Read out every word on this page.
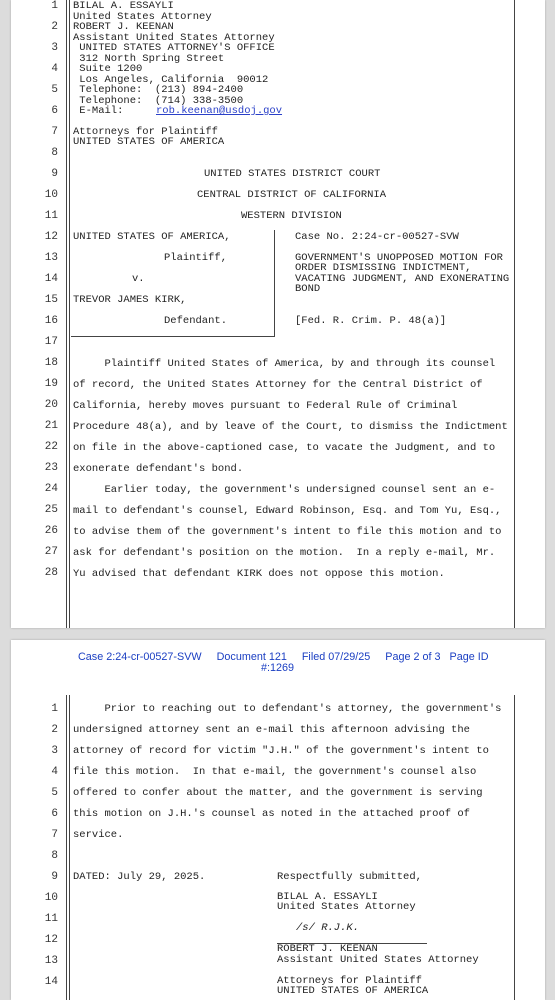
1
2
3
4
5
6
7
8
9
10
11
12
13
14
15
16
17
18
19
20
21
22
23
24
25
26
27
28
BILAL A. ESSAYLI
United States Attorney
ROBERT J. KEENAN
Assistant United States Attorney
UNITED STATES ATTORNEY'S OFFICE
312 North Spring Street
Suite 1200
Los Angeles, California  90012
Telephone:  (213) 894-2400
Telephone:  (714) 338-3500
E-Mail:	rob.keenan@usdoj.gov
Attorneys for Plaintiff
UNITED STATES OF AMERICA
UNITED STATES DISTRICT COURT
CENTRAL DISTRICT OF CALIFORNIA
WESTERN DIVISION
UNITED STATES OF AMERICA,
Plaintiff,
v.
TREVOR JAMES KIRK,
Defendant.
Case No. 2:24-cr-00527-SVW
GOVERNMENT'S UNOPPOSED MOTION FOR
ORDER DISMISSING INDICTMENT,
VACATING JUDGMENT, AND EXONERATING
BOND
[Fed. R. Crim. P. 48(a)]
Plaintiff United States of America, by and through its counsel
of record, the United States Attorney for the Central District of
California, hereby moves pursuant to Federal Rule of Criminal
Procedure 48(a), and by leave of the Court, to dismiss the Indictment
on file in the above-captioned case, to vacate the Judgment, and to
exonerate defendant's bond.
Earlier today, the government's undersigned counsel sent an e-
mail to defendant's counsel, Edward Robinson, Esq. and Tom Yu, Esq.,
to advise them of the government's intent to file this motion and to
ask for defendant's position on the motion.  In a reply e-mail, Mr.
Yu advised that defendant KIRK does not oppose this motion.
Case 2:24-cr-00527-SVW     Document 121     Filed 07/29/25     Page 2 of 3   Page ID
#:1269
1
2
3
4
5
6
7
8
9
10
11
12
13
14
Prior to reaching out to defendant's attorney, the government's
undersigned attorney sent an e-mail this afternoon advising the
attorney of record for victim "J.H." of the government's intent to
file this motion.  In that e-mail, the government's counsel also
offered to confer about the matter, and the government is serving
this motion on J.H.'s counsel as noted in the attached proof of
service.
DATED: July 29, 2025.	Respectfully submitted,
BILAL A. ESSAYLI
United States Attorney
/s/ R.J.K.
ROBERT J. KEENAN
Assistant United States Attorney
Attorneys for Plaintiff
UNITED STATES OF AMERICA
